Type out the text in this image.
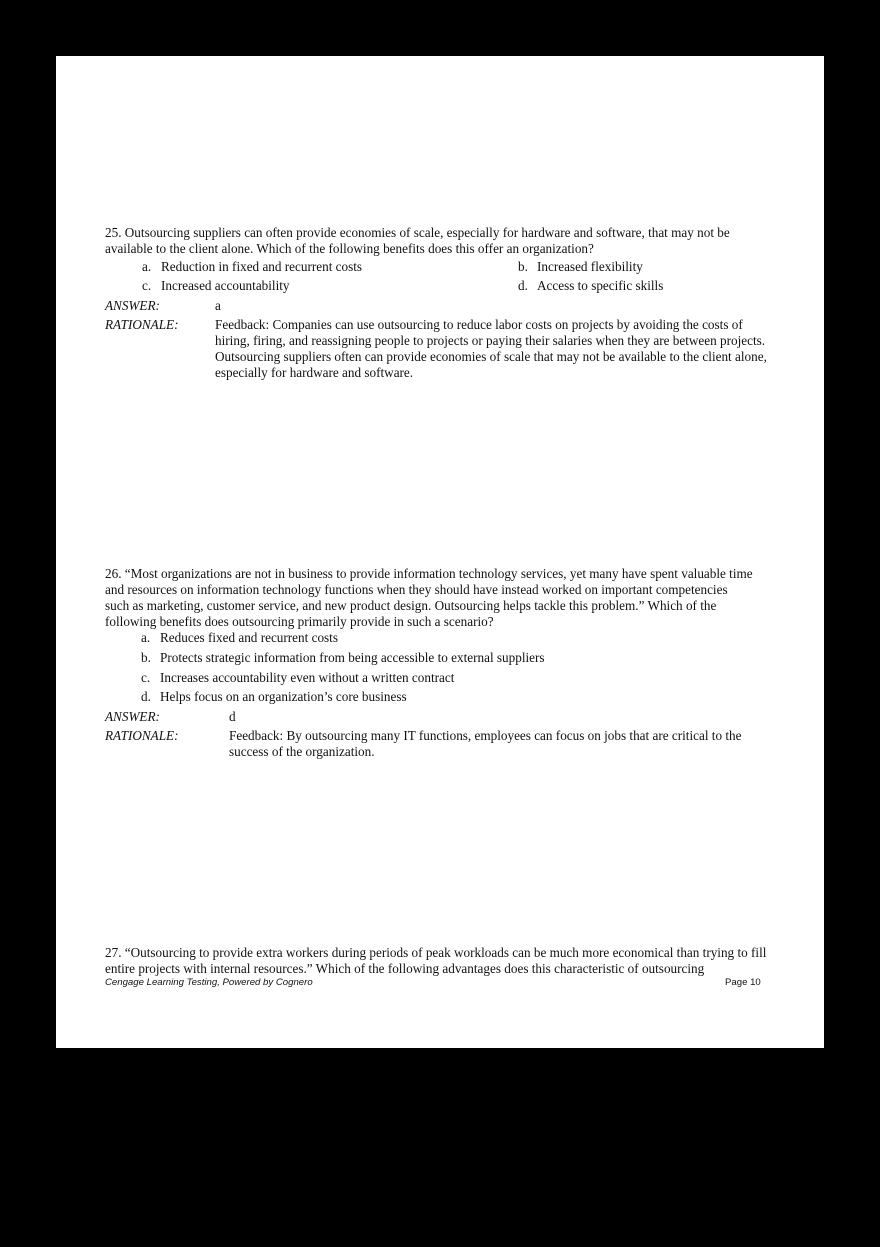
25. Outsourcing suppliers can often provide economies of scale, especially for hardware and software, that may not be available to the client alone. Which of the following benefits does this offer an organization?
a. Reduction in fixed and recurrent costs	b. Increased flexibility
c. Increased accountability	d. Access to specific skills
ANSWER:	a
RATIONALE:	Feedback: Companies can use outsourcing to reduce labor costs on projects by avoiding the costs of hiring, firing, and reassigning people to projects or paying their salaries when they are between projects. Outsourcing suppliers often can provide economies of scale that may not be available to the client alone, especially for hardware and software.
26. “Most organizations are not in business to provide information technology services, yet many have spent valuable time and resources on information technology functions when they should have instead worked on important competencies such as marketing, customer service, and new product design. Outsourcing helps tackle this problem.” Which of the following benefits does outsourcing primarily provide in such a scenario?
a. Reduces fixed and recurrent costs
b. Protects strategic information from being accessible to external suppliers
c. Increases accountability even without a written contract
d. Helps focus on an organization’s core business
ANSWER:	d
RATIONALE:	Feedback: By outsourcing many IT functions, employees can focus on jobs that are critical to the success of the organization.
27. “Outsourcing to provide extra workers during periods of peak workloads can be much more economical than trying to fill entire projects with internal resources.” Which of the following advantages does this characteristic of outsourcing
Cengage Learning Testing, Powered by Cognero	Page 10
